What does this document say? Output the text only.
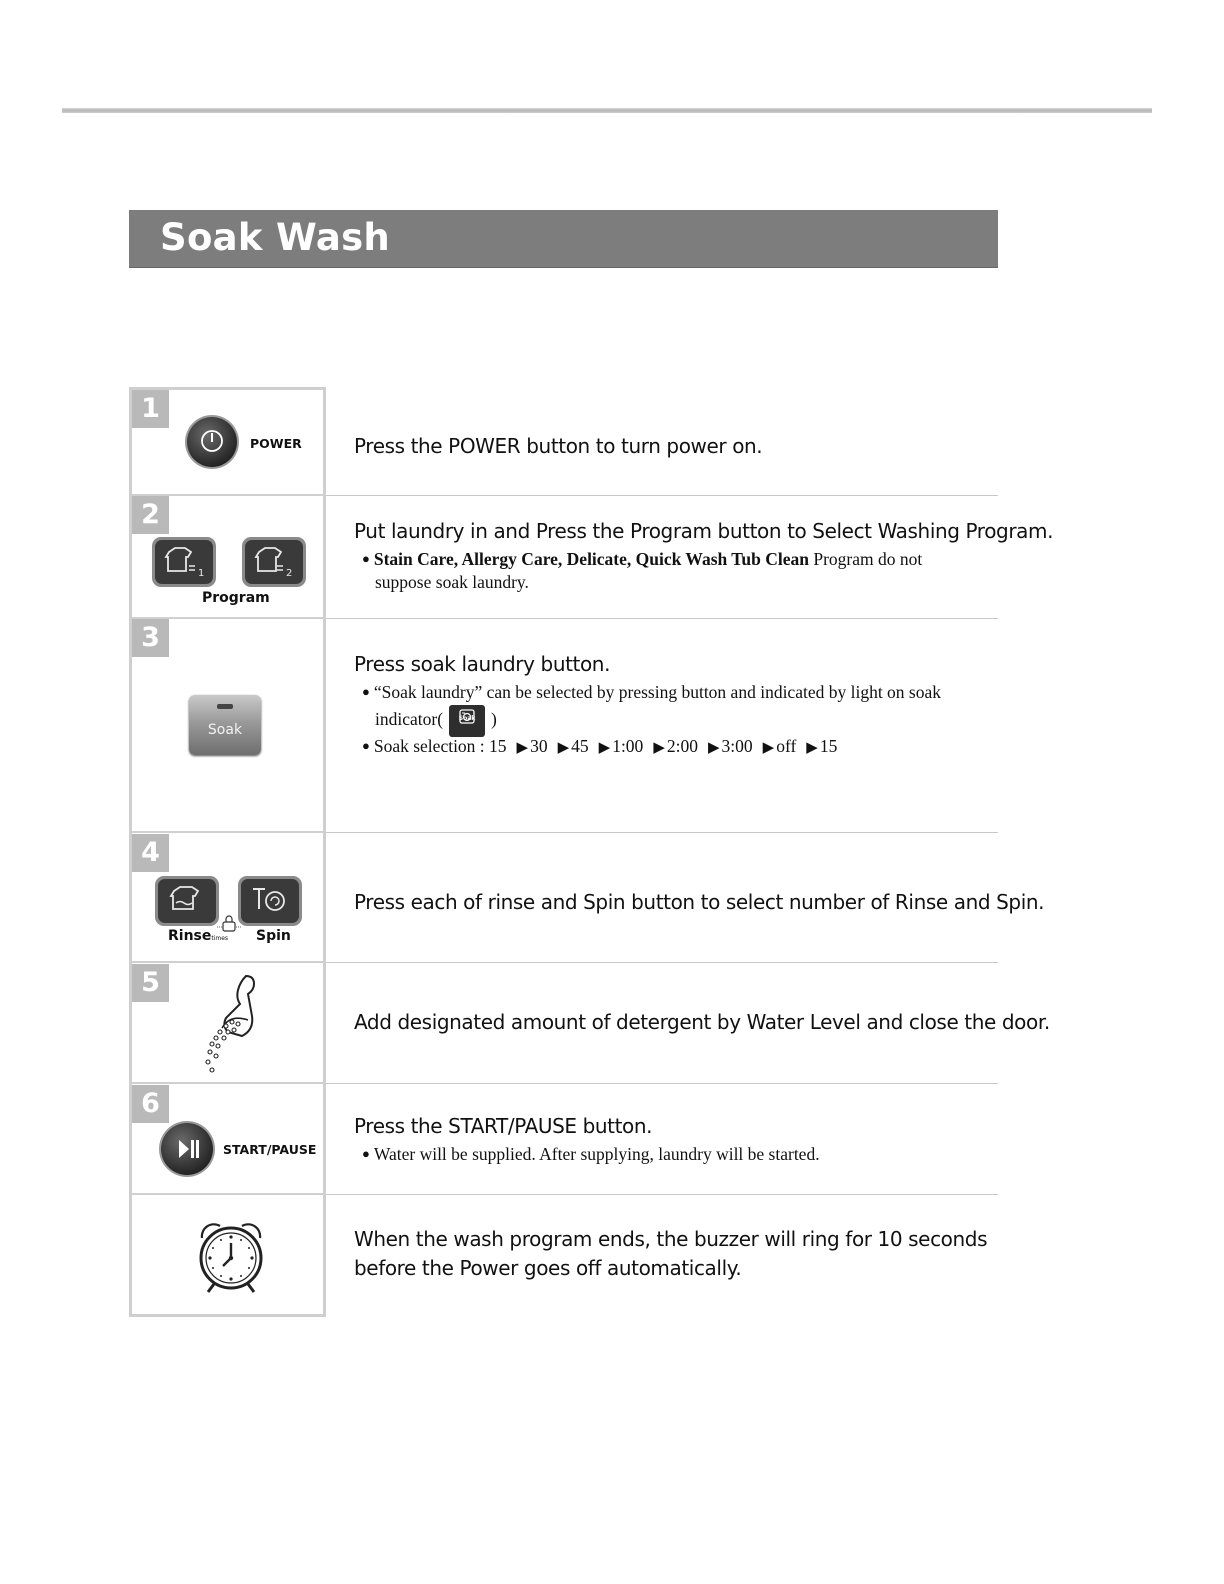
Soak Wash
1
POWER	Press the POWER button to turn power on.
2
1	2
Program
Put laundry in and Press the Program button to Select Washing Program.
● Stain Care, Allergy Care, Delicate, Quick Wash Tub Clean Program do not
suppose soak laundry.
3
Soak
Press soak laundry button.
● “Soak laundry” can be selected by pressing button and indicated by light on soak
indicator(	Soak )
● Soak selection : 15 ▶ 30 ▶ 45 ▶ 1:00 ▶ 2:00 ▶ 3:00 ▶ off ▶ 15
4
Rinsetimes Spin
Press each of rinse and Spin button to select number of Rinse and Spin.
5
Add designated amount of detergent by Water Level and close the door.
6
START/PAUSE
Press the START/PAUSE button.
● Water will be supplied. After supplying, laundry will be started.
When the wash program ends, the buzzer will ring for 10 seconds
before the Power goes off automatically.
